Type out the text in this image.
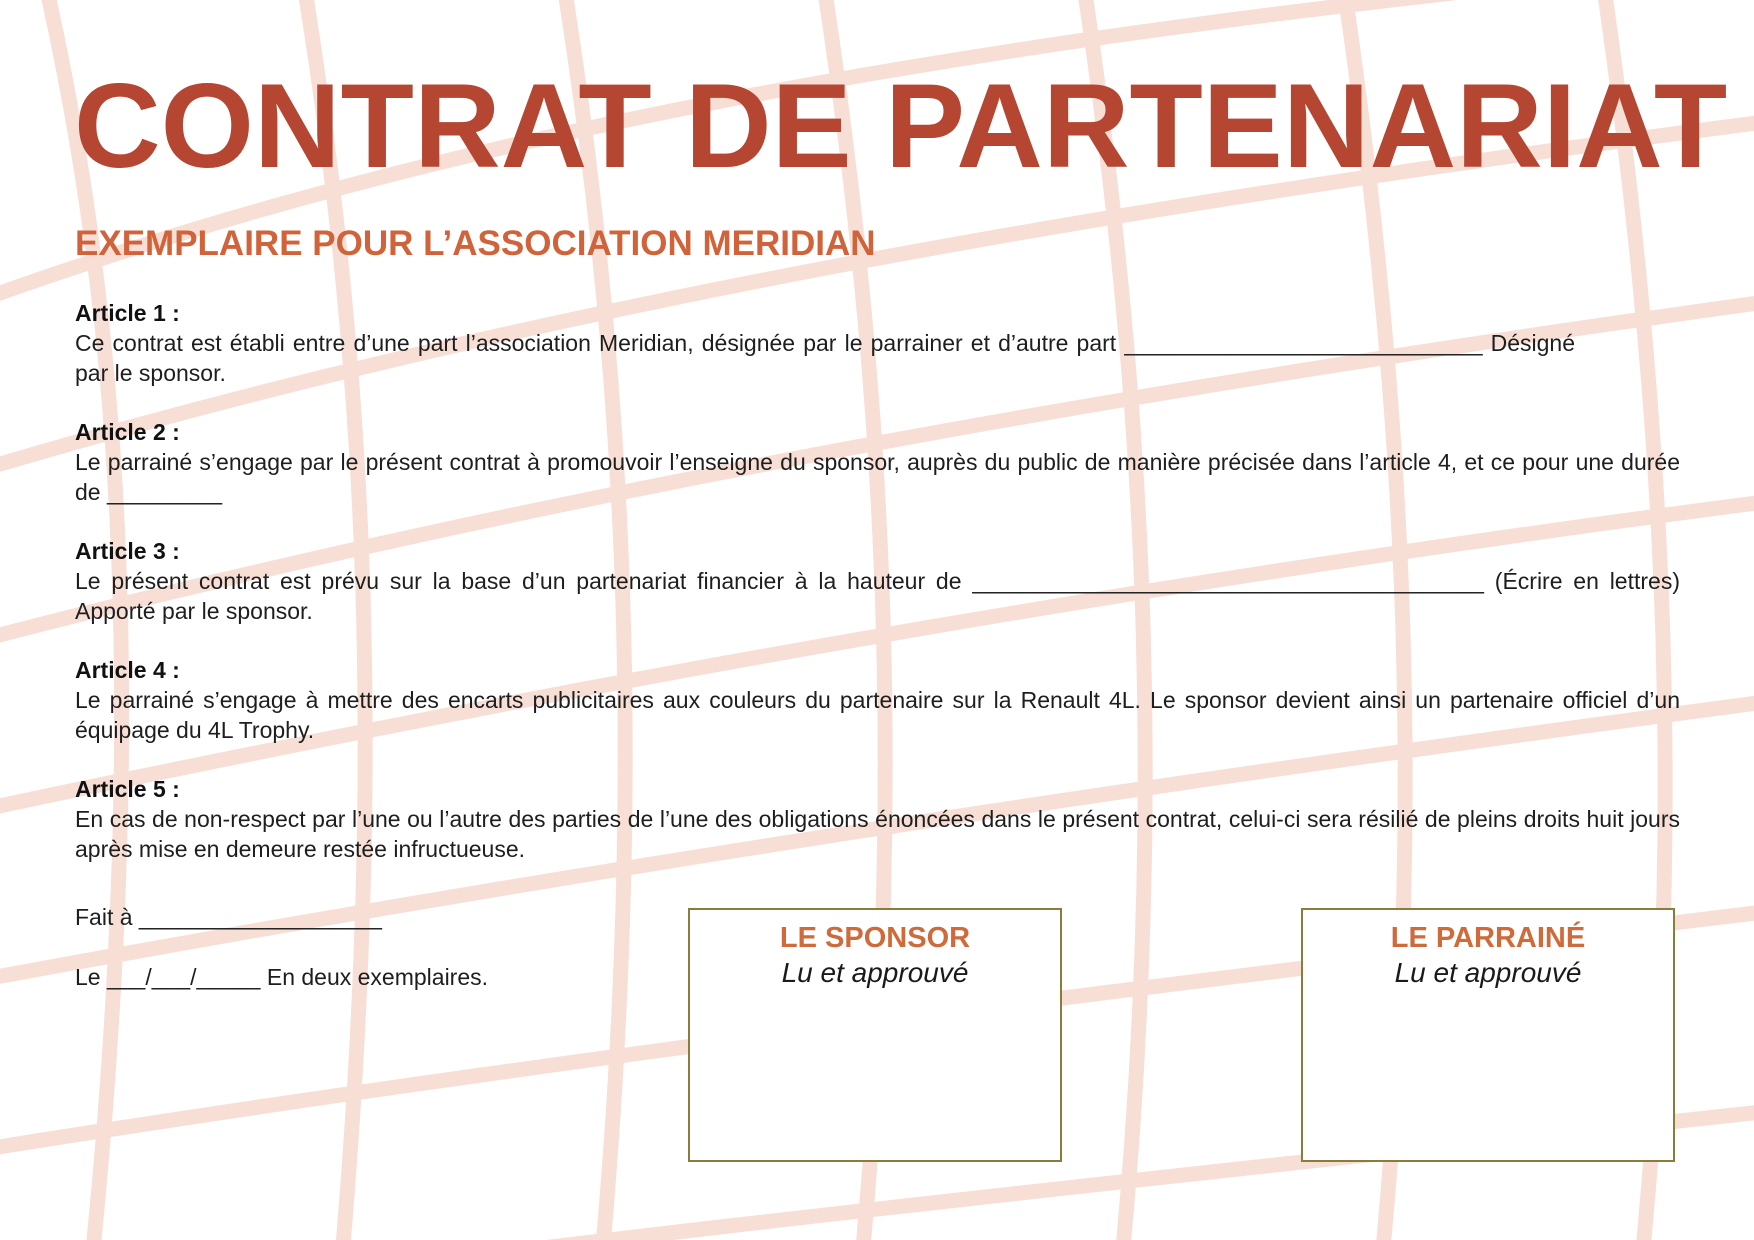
CONTRAT DE PARTENARIAT
EXEMPLAIRE POUR L’ASSOCIATION MERIDIAN
Article 1 :
Ce contrat est établi entre d’une part l’association Meridian, désignée par le parrainer et d’autre part ____________________________ Désigné par le sponsor.
Article 2 :
Le parrainé s’engage par le présent contrat à promouvoir l’enseigne du sponsor, auprès du public de manière précisée dans l’article 4, et ce pour une durée de _________
Article 3 :
Le présent contrat est prévu sur la base d’un partenariat financier à la hauteur de ________________________________________ (Écrire en lettres) Apporté par le sponsor.
Article 4 :
Le parrainé s’engage à mettre des encarts publicitaires aux couleurs du partenaire sur la Renault 4L. Le sponsor devient ainsi un partenaire officiel d’un équipage du 4L Trophy.
Article 5 :
En cas de non-respect par l’une ou l’autre des parties de l’une des obligations énoncées dans le présent contrat, celui-ci sera résilié de pleins droits huit jours après mise en demeure restée infructueuse.
Fait à ___________________
Le ___/___/_____ En deux exemplaires.
LE SPONSOR
Lu et approuvé
LE PARRAINÉ
Lu et approuvé
